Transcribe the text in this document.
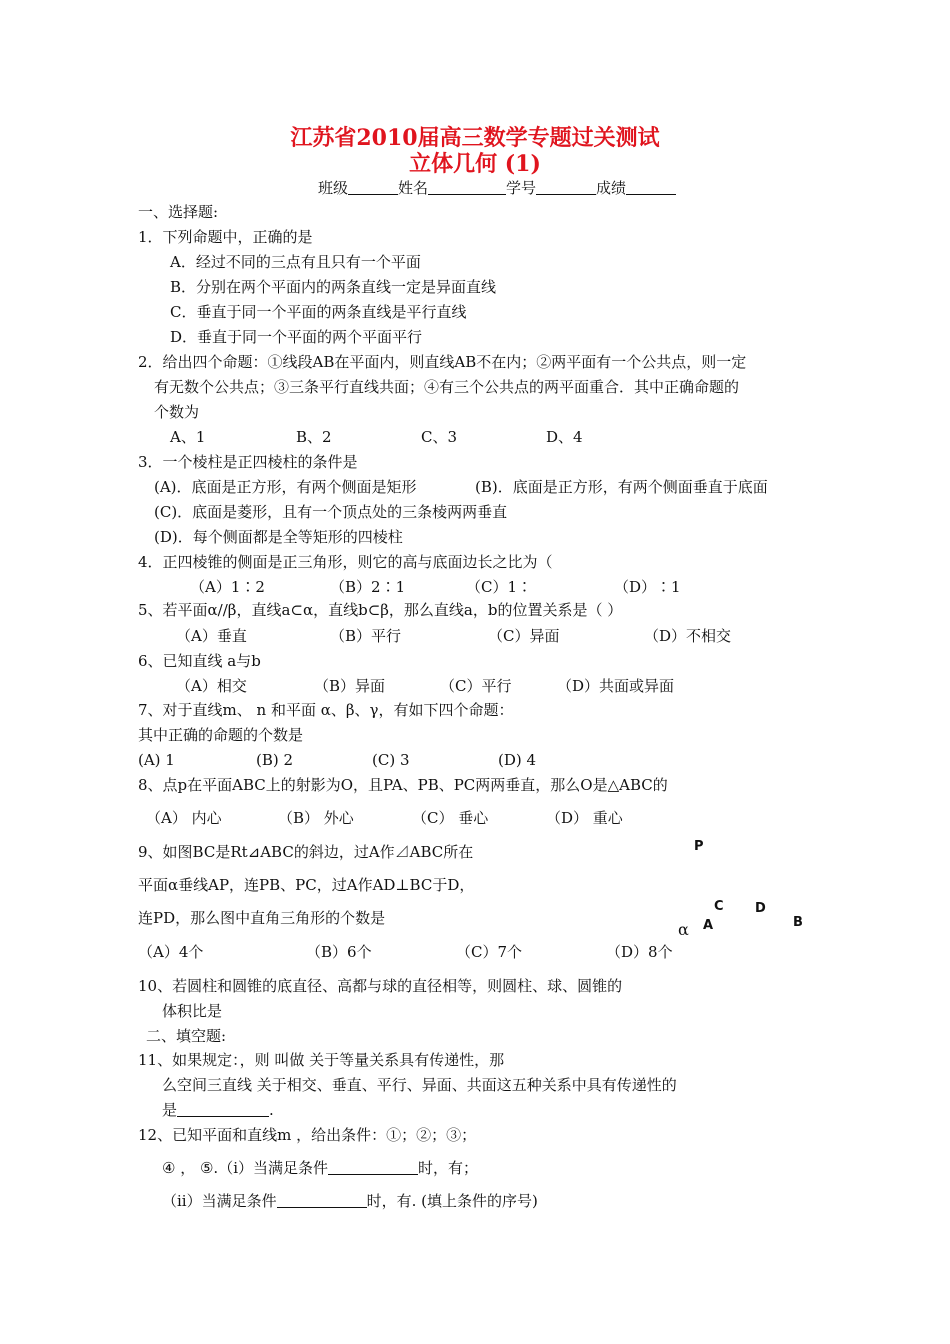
江苏省2010届高三数学专题过关测试
立体几何 (1)
班级	姓名	学号	成绩
一、选择题:
1．下列命题中，正确的是
A．经过不同的三点有且只有一个平面
B．分别在两个平面内的两条直线一定是异面直线
C．垂直于同一个平面的两条直线是平行直线
D．垂直于同一个平面的两个平面平行
2．给出四个命题：①线段AB在平面内，则直线AB不在内；②两平面有一个公共点，则一定
有无数个公共点；③三条平行直线共面；④有三个公共点的两平面重合．其中正确命题的
个数为
A、1	B、2	C、3	D、4
3．一个棱柱是正四棱柱的条件是
(A)．底面是正方形，有两个侧面是矩形	(B)．底面是正方形，有两个侧面垂直于底面
(C)．底面是菱形，且有一个顶点处的三条棱两两垂直
(D)．每个侧面都是全等矩形的四棱柱
4．正四棱锥的侧面是正三角形，则它的高与底面边长之比为（
（A）1∶2	（B）2∶1	（C）1∶	（D）∶1
5、若平面α//β，直线a⊂α，直线b⊂β，那么直线a，b的位置关系是（ ）
（A）垂直	（B）平行	（C）异面	（D）不相交
6、已知直线 a与b
（A）相交	（B）异面	（C）平行	（D）共面或异面
7、对于直线m、 n 和平面 α、β、γ，有如下四个命题：
其中正确的命题的个数是
(A) 1	(B) 2	(C) 3	(D) 4
8、点p在平面ABC上的射影为O，且PA、PB、PC两两垂直，那么O是△ABC的
（A） 内心	（B） 外心	（C） 垂心	（D） 重心
9、如图BC是Rt⊿ABC的斜边，过A作⊿ABC所在
平面α垂线AP，连PB、PC，过A作AD⊥BC于D，
连PD，那么图中直角三角形的个数是
（A）4个	（B）6个	（C）7个	（D）8个
P
C D
A	B
α
10、若圆柱和圆锥的底直径、高都与球的直径相等，则圆柱、球、圆锥的
体积比是
二、填空题:
11、如果规定：，则 叫做 关于等量关系具有传递性，那
么空间三直线 关于相交、垂直、平行、异面、共面这五种关系中具有传递性的
是	.
12、已知平面和直线m ，给出条件：①；②；③；
④ ， ⑤.（i）当满足条件	时，有；
（ii）当满足条件	时，有. (填上条件的序号)
